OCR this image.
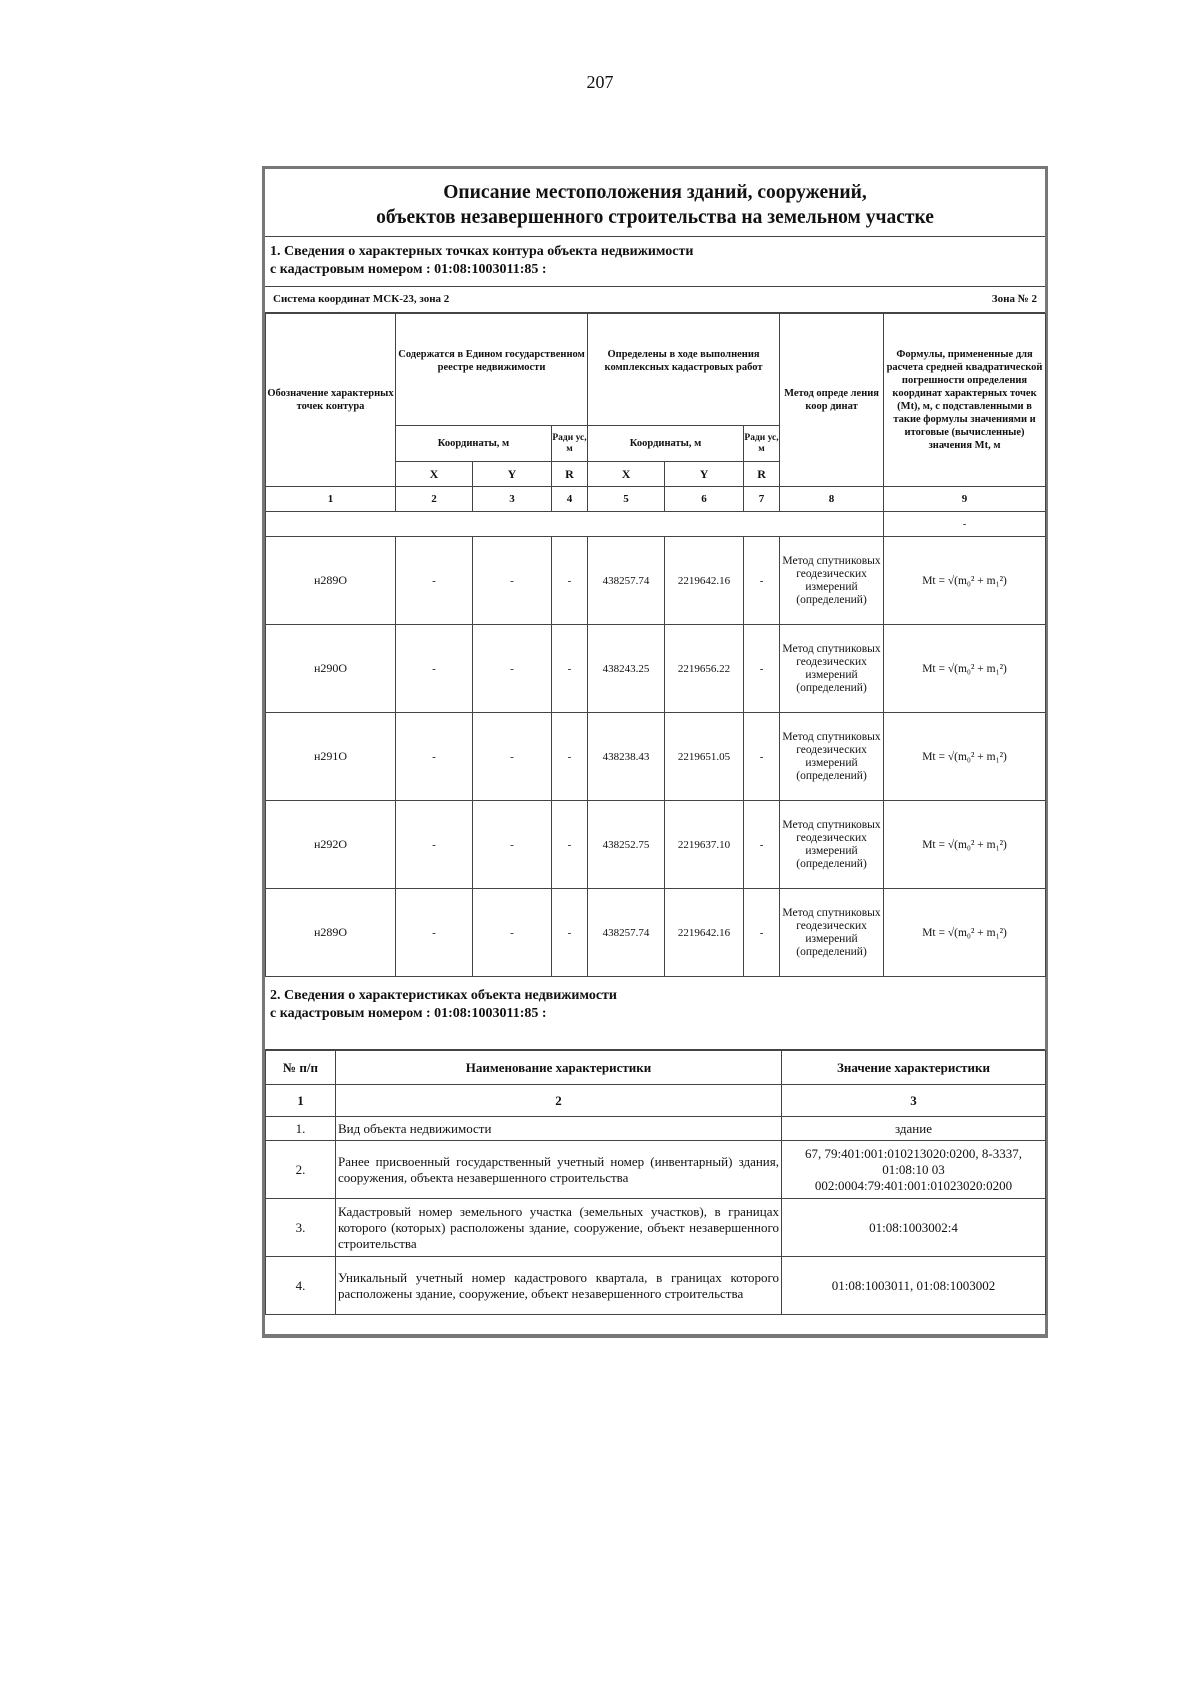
207
Описание местоположения зданий, сооружений,
объектов незавершенного строительства на земельном участке
1. Сведения о характерных точках контура объекта недвижимости
с кадастровым номером : 01:08:1003011:85 :
Система координат МСК-23, зона 2	Зона № 2
Обозначение характерных точек контура	Содержатся в Едином государственном реестре недвижимости			Определены в ходе выполнения комплексных кадастровых работ			Метод опреде ления коор динат	Формулы, примененные для расчета средней квадратической погрешности определения координат характерных точек (Mt), м, с подставленными в такие формулы значениями и итоговые (вычисленные) значения Mt, м
	Координаты, м		Ради ус, м	Координаты, м		Ради ус, м		
	X	Y	R	X	Y	R		
1	2	3	4	5	6	7	8	9
								-
н289О	-	-	-	438257.74	2219642.16	-	Метод спутниковых геодезических измерений (определений)	Mt = √(m₀² + m₁²)
н290О	-	-	-	438243.25	2219656.22	-	Метод спутниковых геодезических измерений (определений)	Mt = √(m₀² + m₁²)
н291О	-	-	-	438238.43	2219651.05	-	Метод спутниковых геодезических измерений (определений)	Mt = √(m₀² + m₁²)
н292О	-	-	-	438252.75	2219637.10	-	Метод спутниковых геодезических измерений (определений)	Mt = √(m₀² + m₁²)
н289О	-	-	-	438257.74	2219642.16	-	Метод спутниковых геодезических измерений (определений)	Mt = √(m₀² + m₁²)
2. Сведения о характеристиках объекта недвижимости
с кадастровым номером : 01:08:1003011:85 :
№ п/п	Наименование характеристики	Значение характеристики
1	2	3
1.	Вид объекта недвижимости	здание
2.	Ранее присвоенный государственный учетный номер (инвентарный) здания, сооружения, объекта незавершенного строительства	67, 79:401:001:010213020:0200, 8-3337, 01:08:10 03 002:0004:79:401:001:01023020:0200
3.	Кадастровый номер земельного участка (земельных участков), в границах которого (которых) расположены здание, сооружение, объект незавершенного строительства	01:08:1003002:4
4.	Уникальный учетный номер кадастрового квартала, в границах которого расположены здание, сооружение, объект незавершенного строительства	01:08:1003011, 01:08:1003002
